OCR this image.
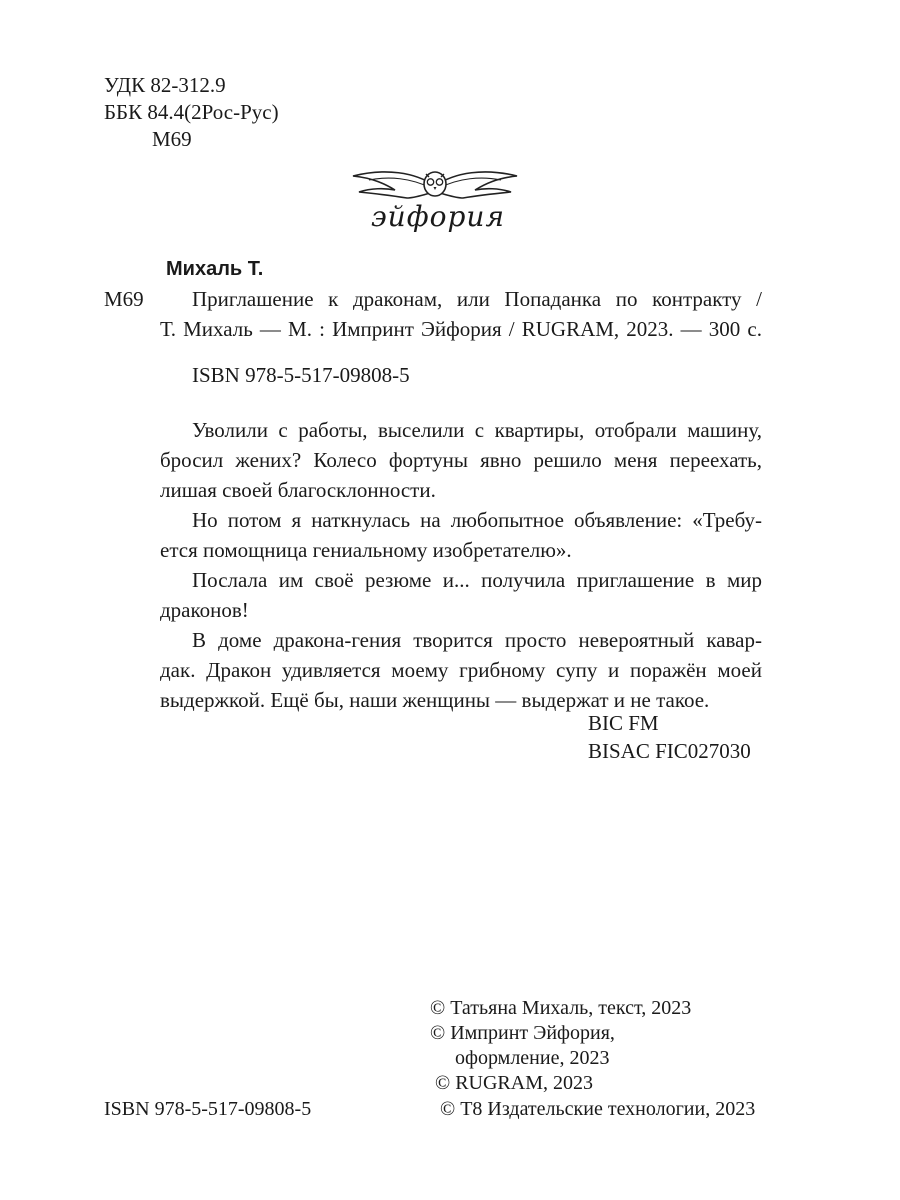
УДК 82-312.9
ББК 84.4(2Рос-Рус)
М69
эйфория
Михаль Т.
М69 Приглашение к драконам, или Попаданка по контракту /
Т. Михаль — М. : Импринт Эйфория / RUGRAM, 2023. — 300 с.
ISBN 978-5-517-09808-5
Уволили с работы, выселили с квартиры, отобрали машину,
бросил жених? Колесо фортуны явно решило меня переехать,
лишая своей благосклонности.
Но потом я наткнулась на любопытное объявление: «Требу-
ется помощница гениальному изобретателю».
Послала им своё резюме и... получила приглашение в мир
драконов!
В доме дракона-гения творится просто невероятный кавар-
дак. Дракон удивляется моему грибному супу и поражён моей
выдержкой. Ещё бы, наши женщины — выдержат и не такое.
BIC FM
BISAC FIC027030
© Татьяна Михаль, текст, 2023
© Импринт Эйфория,
оформление, 2023
© RUGRAM, 2023
ISBN 978-5-517-09808-5	© Т8 Издательские технологии, 2023
